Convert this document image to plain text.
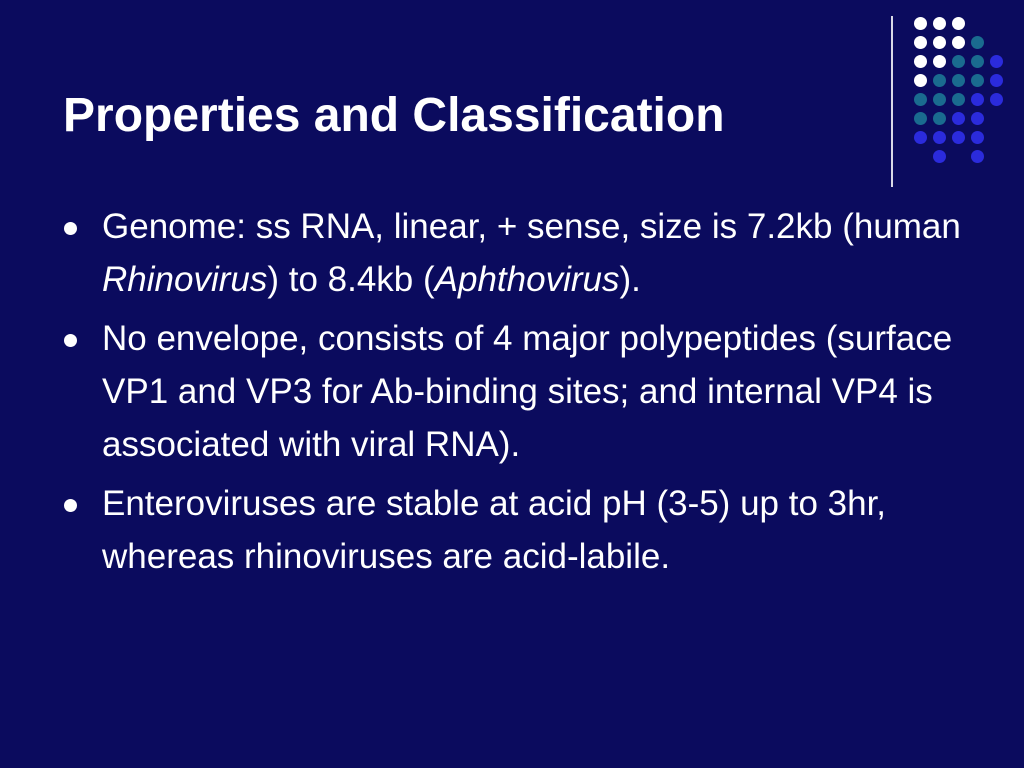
Properties and Classification
Genome: ss RNA, linear, + sense, size is 7.2kb (human Rhinovirus) to 8.4kb (Aphthovirus).
No envelope, consists of 4 major polypeptides (surface VP1 and VP3 for Ab-binding sites; and internal VP4 is associated with viral RNA).
Enteroviruses are stable at acid pH (3-5) up to 3hr, whereas rhinoviruses are acid-labile.
